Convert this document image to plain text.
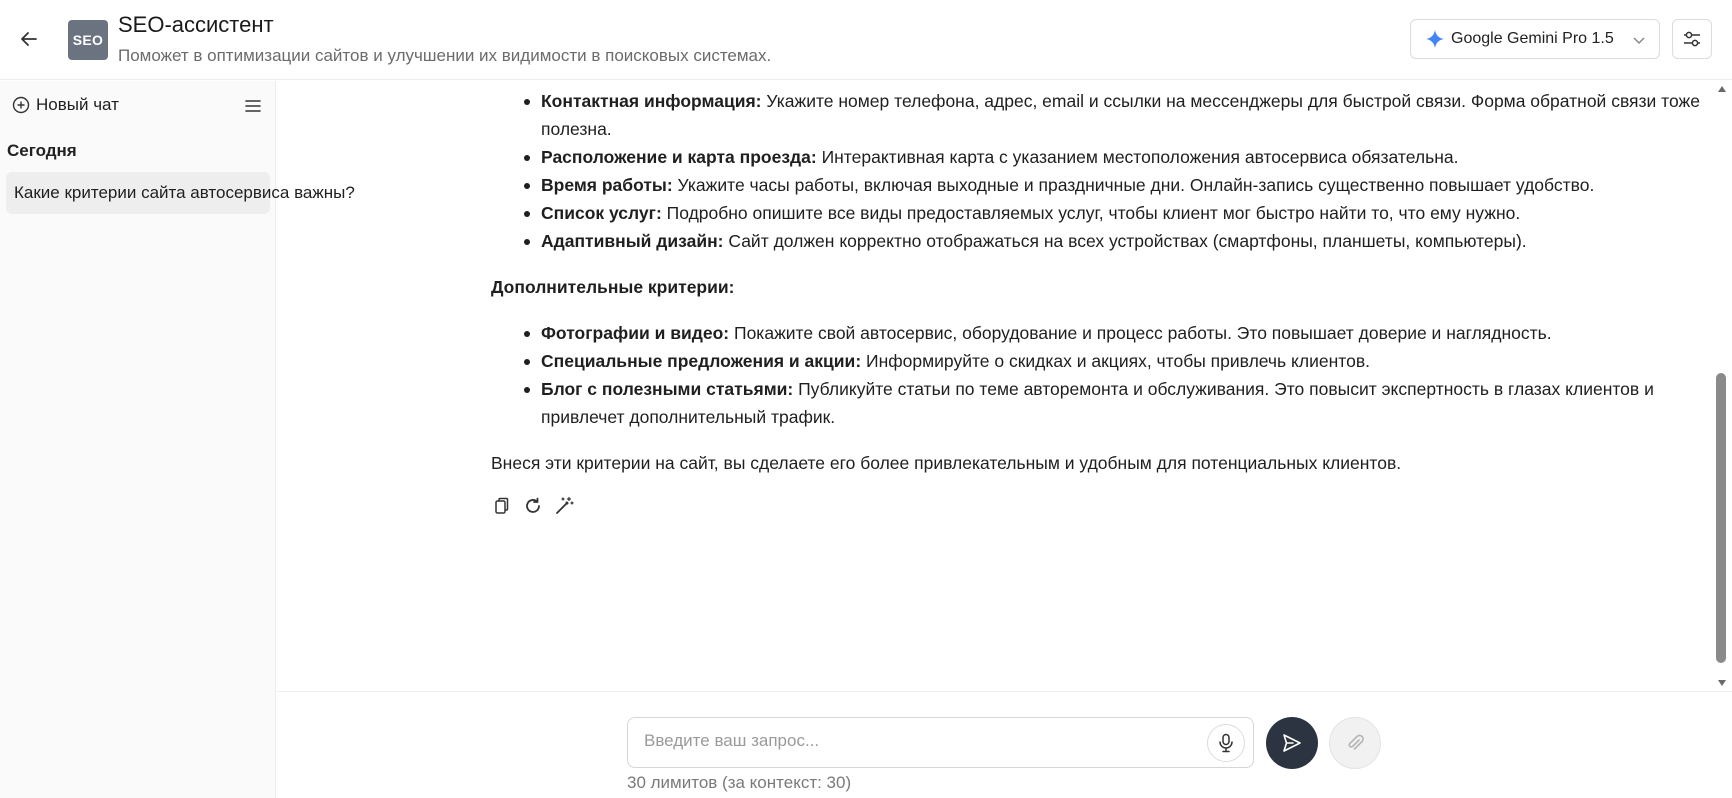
SEO
SEO-ассистент
Поможет в оптимизации сайтов и улучшении их видимости в поисковых системах.
Google Gemini Pro 1.5
Новый чат
Сегодня
Какие критерии сайта автосервиса важны?
Контактная информация: Укажите номер телефона, адрес, email и ссылки на мессенджеры для быстрой связи. Форма обратной связи тоже полезна.
Расположение и карта проезда: Интерактивная карта с указанием местоположения автосервиса обязательна.
Время работы: Укажите часы работы, включая выходные и праздничные дни. Онлайн-запись существенно повышает удобство.
Список услуг: Подробно опишите все виды предоставляемых услуг, чтобы клиент мог быстро найти то, что ему нужно.
Адаптивный дизайн: Сайт должен корректно отображаться на всех устройствах (смартфоны, планшеты, компьютеры).

Дополнительные критерии:

Фотографии и видео: Покажите свой автосервис, оборудование и процесс работы. Это повышает доверие и наглядность.
Специальные предложения и акции: Информируйте о скидках и акциях, чтобы привлечь клиентов.
Блог с полезными статьями: Публикуйте статьи по теме авторемонта и обслуживания. Это повысит экспертность в глазах клиентов и привлечет дополнительный трафик.

Внеся эти критерии на сайт, вы сделаете его более привлекательным и удобным для потенциальных клиентов.

Введите ваш запрос...
30 лимитов (за контекст: 30)
